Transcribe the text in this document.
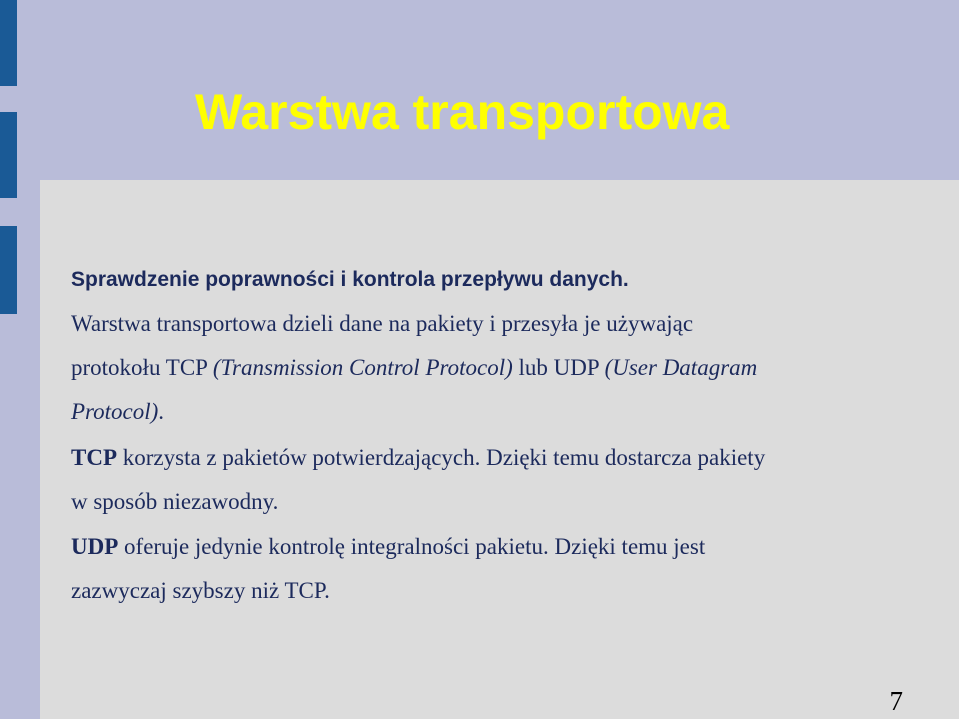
Warstwa transportowa

Sprawdzenie poprawności i kontrola przepływu danych.

Warstwa transportowa dzieli dane na pakiety i przesyła je używając

protokołu TCP (Transmission Control Protocol) lub UDP (User Datagram

Protocol).

TCP korzysta z pakietów potwierdzających. Dzięki temu dostarcza pakiety

w sposób niezawodny.

UDP oferuje jedynie kontrolę integralności pakietu. Dzięki temu jest

zazwyczaj szybszy niż TCP.

7
